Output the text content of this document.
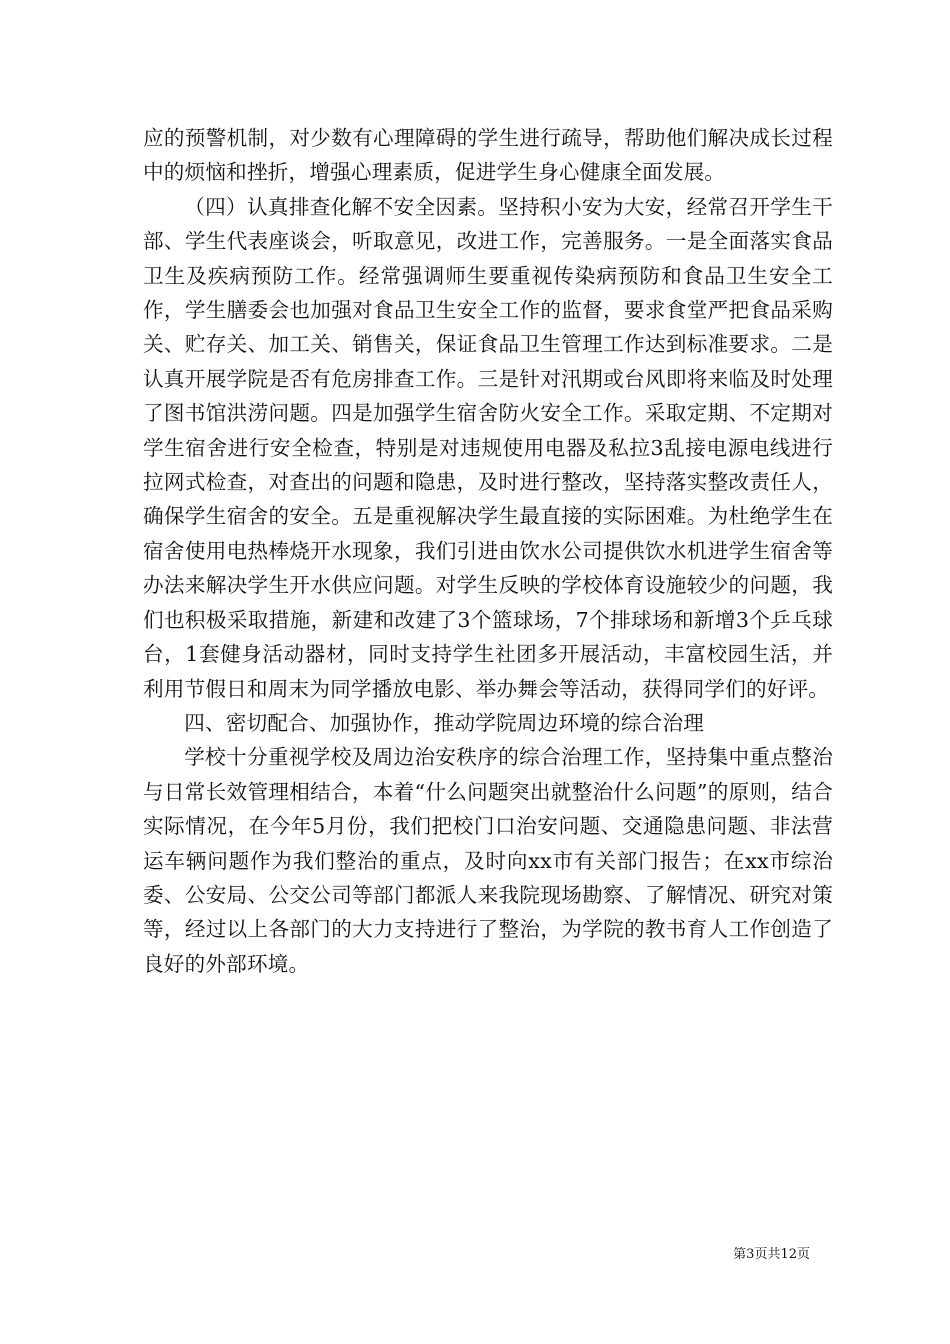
应的预警机制，对少数有心理障碍的学生进行疏导，帮助他们解决成长过程中的烦恼和挫折，增强心理素质，促进学生身心健康全面发展。

（四）认真排查化解不安全因素。坚持积小安为大安，经常召开学生干部、学生代表座谈会，听取意见，改进工作，完善服务。一是全面落实食品卫生及疾病预防工作。经常强调师生要重视传染病预防和食品卫生安全工作，学生膳委会也加强对食品卫生安全工作的监督，要求食堂严把食品采购关、贮存关、加工关、销售关，保证食品卫生管理工作达到标准要求。二是认真开展学院是否有危房排查工作。三是针对汛期或台风即将来临及时处理了图书馆洪涝问题。四是加强学生宿舍防火安全工作。采取定期、不定期对学生宿舍进行安全检查，特别是对违规使用电器及私拉3乱接电源电线进行拉网式检查，对查出的问题和隐患，及时进行整改，坚持落实整改责任人，确保学生宿舍的安全。五是重视解决学生最直接的实际困难。为杜绝学生在宿舍使用电热棒烧开水现象，我们引进由饮水公司提供饮水机进学生宿舍等办法来解决学生开水供应问题。对学生反映的学校体育设施较少的问题，我们也积极采取措施，新建和改建了3个篮球场，7个排球场和新增3个乒乓球台，1套健身活动器材，同时支持学生社团多开展活动，丰富校园生活，并利用节假日和周末为同学播放电影、举办舞会等活动，获得同学们的好评。

四、密切配合、加强协作，推动学院周边环境的综合治理

学校十分重视学校及周边治安秩序的综合治理工作，坚持集中重点整治与日常长效管理相结合，本着“什么问题突出就整治什么问题”的原则，结合实际情况，在今年5月份，我们把校门口治安问题、交通隐患问题、非法营运车辆问题作为我们整治的重点，及时向xx市有关部门报告；在xx市综治委、公安局、公交公司等部门都派人来我院现场勘察、了解情况、研究对策等，经过以上各部门的大力支持进行了整治，为学院的教书育人工作创造了良好的外部环境。

第3页共12页
